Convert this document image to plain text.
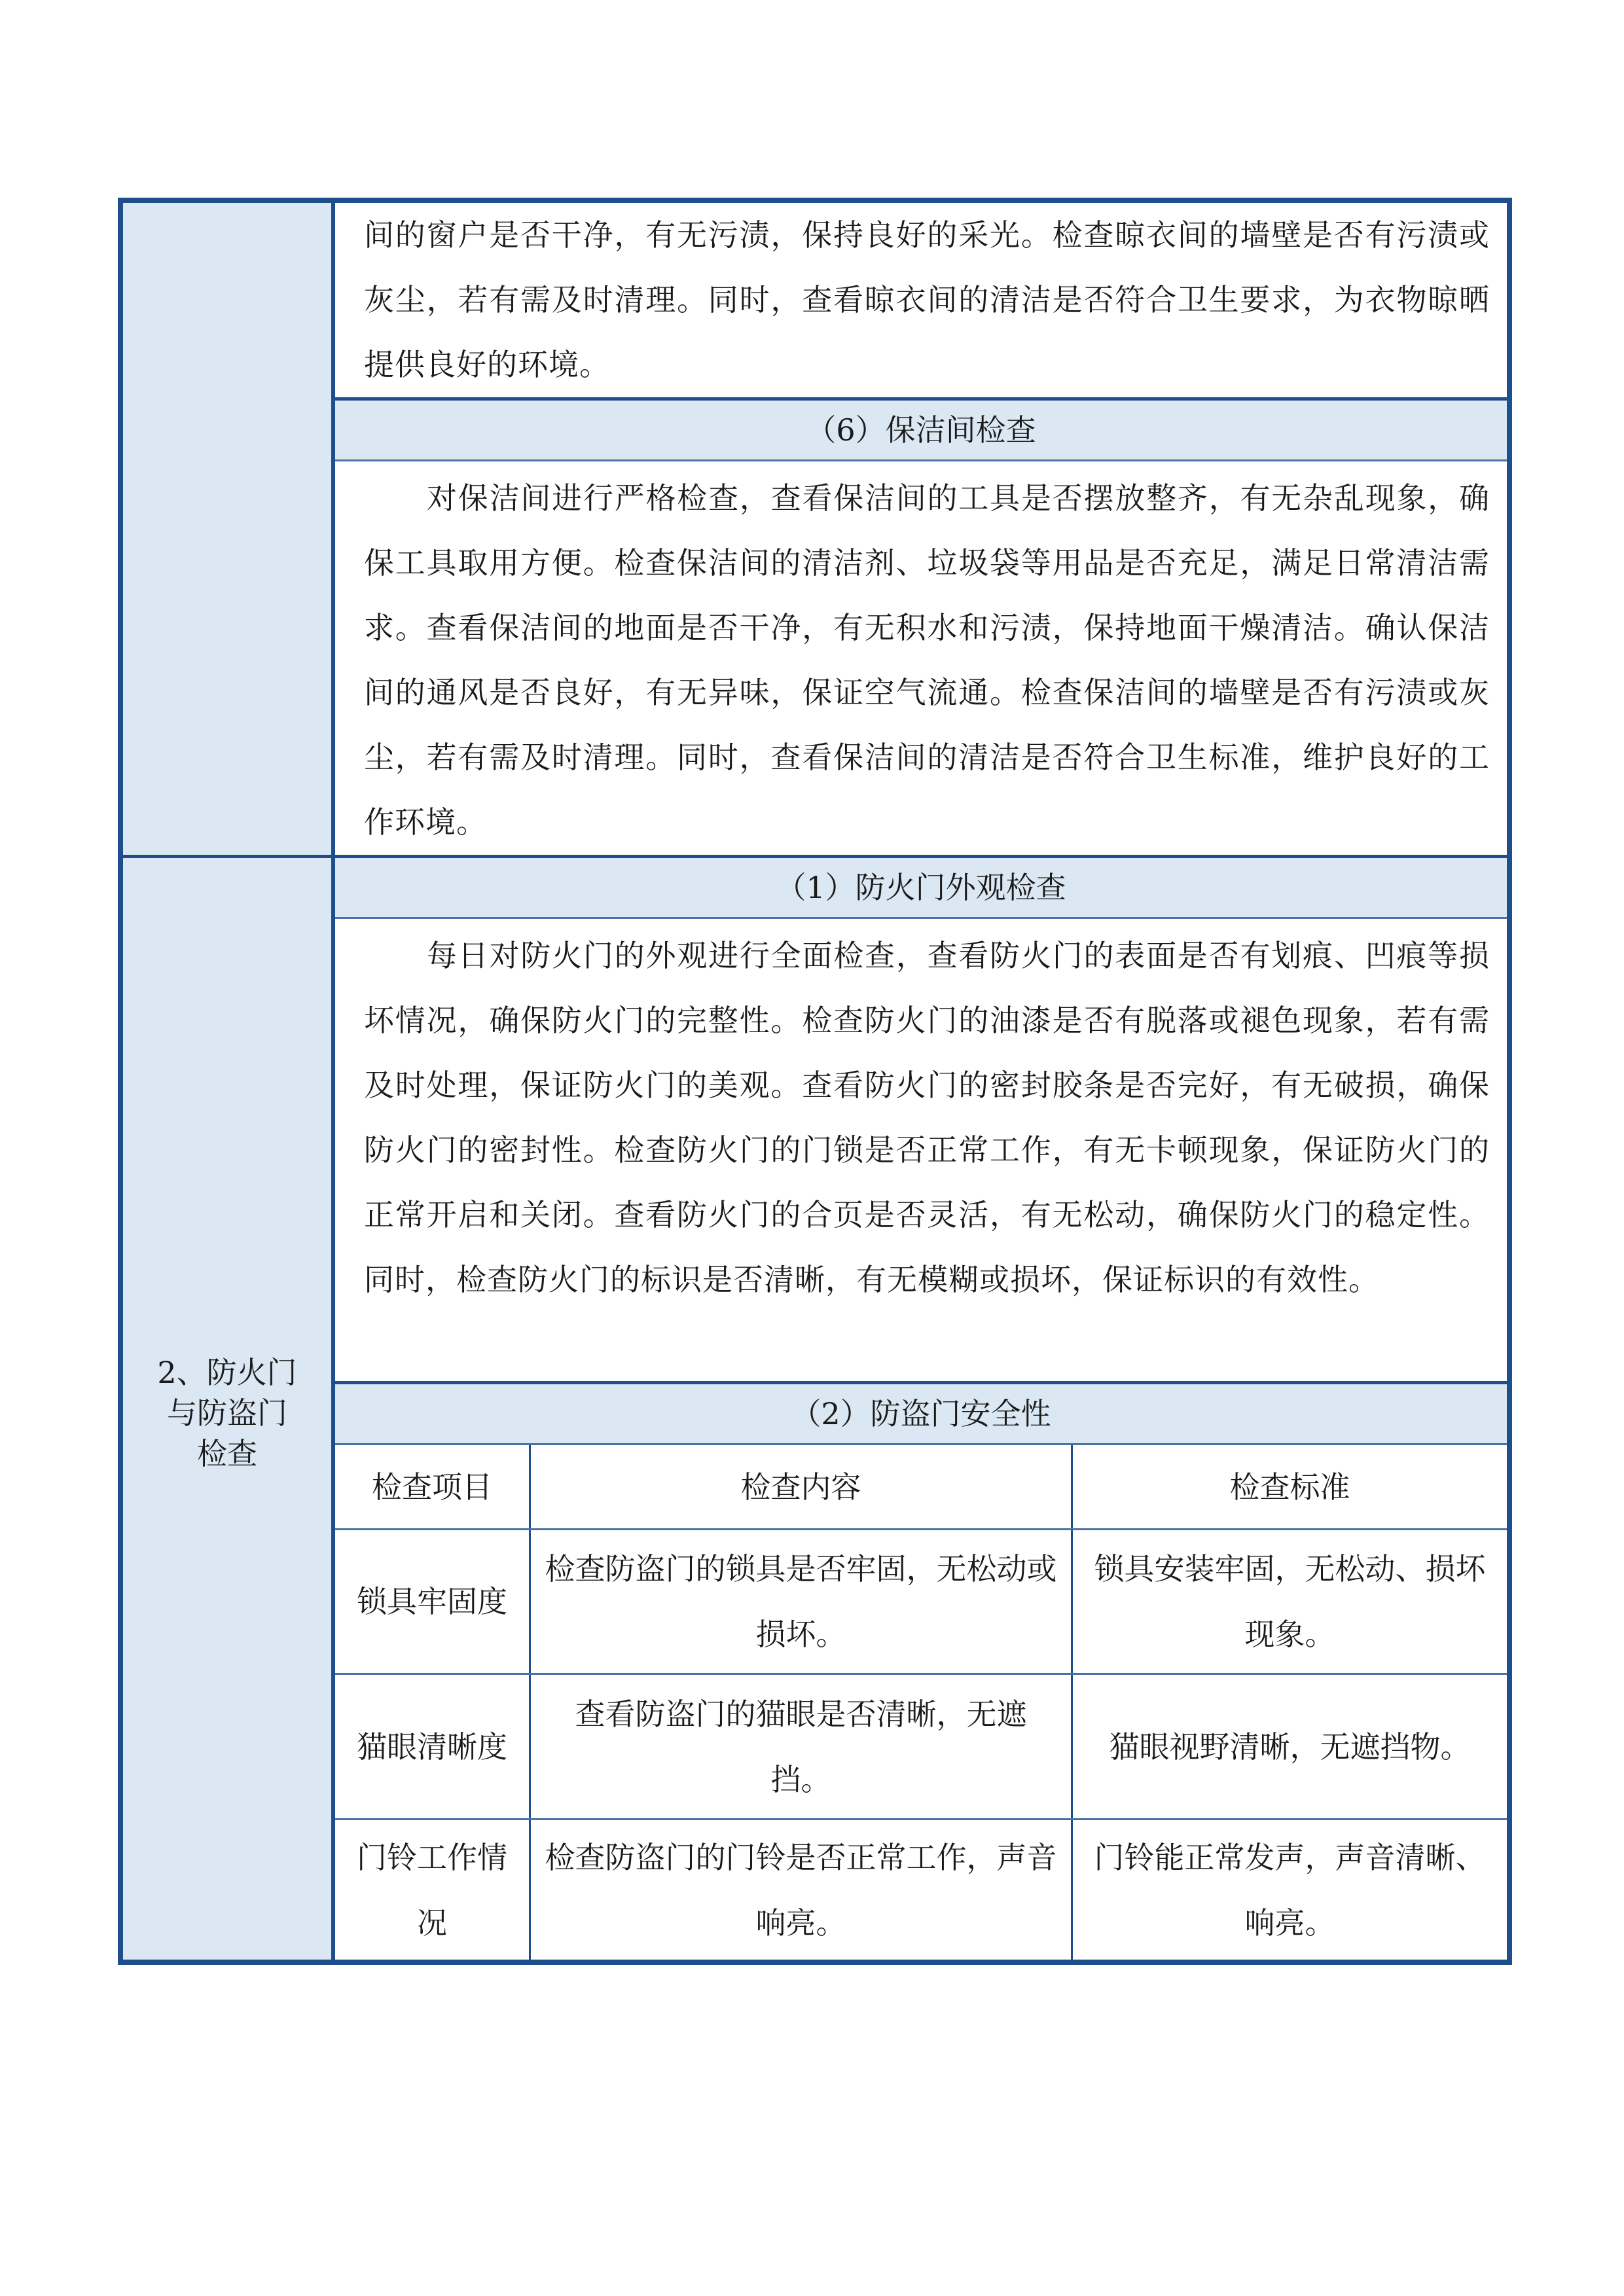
间的窗户是否干净，有无污渍，保持良好的采光。检查晾衣间的墙壁是否有污渍或灰尘，若有需及时清理。同时，查看晾衣间的清洁是否符合卫生要求，为衣物晾晒提供良好的环境。
（6）保洁间检查
对保洁间进行严格检查，查看保洁间的工具是否摆放整齐，有无杂乱现象，确保工具取用方便。检查保洁间的清洁剂、垃圾袋等用品是否充足，满足日常清洁需求。查看保洁间的地面是否干净，有无积水和污渍，保持地面干燥清洁。确认保洁间的通风是否良好，有无异味，保证空气流通。检查保洁间的墙壁是否有污渍或灰尘，若有需及时清理。同时，查看保洁间的清洁是否符合卫生标准，维护良好的工作环境。
（1）防火门外观检查
每日对防火门的外观进行全面检查，查看防火门的表面是否有划痕、凹痕等损坏情况，确保防火门的完整性。检查防火门的油漆是否有脱落或褪色现象，若有需及时处理，保证防火门的美观。查看防火门的密封胶条是否完好，有无破损，确保防火门的密封性。检查防火门的门锁是否正常工作，有无卡顿现象，保证防火门的正常开启和关闭。查看防火门的合页是否灵活，有无松动，确保防火门的稳定性。同时，检查防火门的标识是否清晰，有无模糊或损坏，保证标识的有效性。
（2）防盗门安全性
检查项目	检查内容	检查标准
锁具牢固度
检查防盗门的锁具是否牢固，无松动或损坏。
锁具安装牢固，无松动、损坏现象。
猫眼清晰度
查看防盗门的猫眼是否清晰，无遮挡。
猫眼视野清晰，无遮挡物。
门铃工作情况
检查防盗门的门铃是否正常工作，声音响亮。
门铃能正常发声，声音清晰、响亮。
2、防火门
与防盗门
检查
